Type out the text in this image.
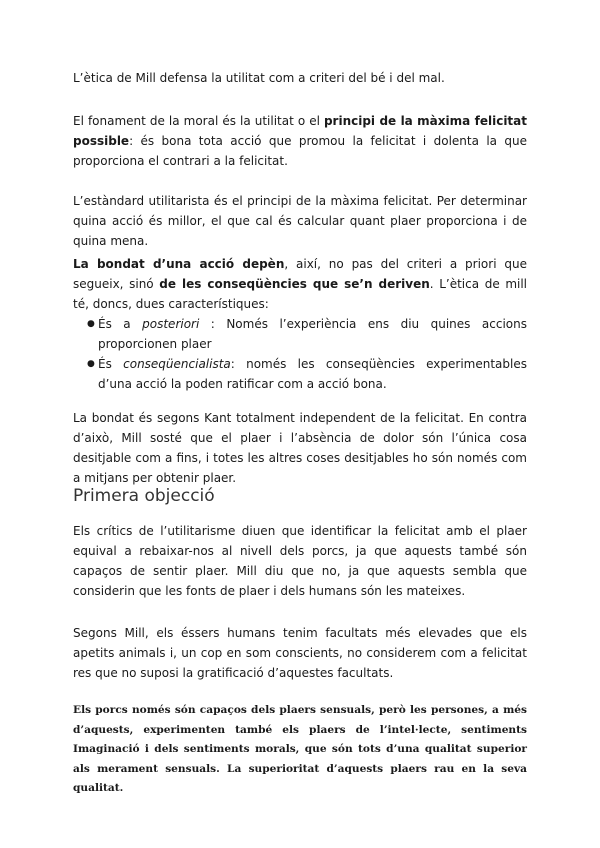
L’ètica de Mill defensa la utilitat com a criteri del bé i del mal.

El fonament de la moral és la utilitat o el principi de la màxima felicitat possible: és bona tota acció que promou la felicitat i dolenta la que proporciona el contrari a la felicitat.

L’estàndard utilitarista és el principi de la màxima felicitat. Per determinar quina acció és millor, el que cal és calcular quant plaer proporciona i de quina mena.

La bondat d’una acció depèn, així, no pas del criteri a priori que segueix, sinó de les conseqüències que se’n deriven. L’ètica de mill té, doncs, dues característiques:

● És a posteriori : Només l’experiència ens diu quines accions proporcionen plaer
● És conseqüencialista: només les conseqüències experimentables d’una acció la poden ratificar com a acció bona.

La bondat és segons Kant totalment independent de la felicitat. En contra d’això, Mill sosté que el plaer i l’absència de dolor són l’única cosa desitjable com a fins, i totes les altres coses desitjables ho són només com a mitjans per obtenir plaer.

Primera objecció

Els crítics de l’utilitarisme diuen que identificar la felicitat amb el plaer equival a rebaixar-nos al nivell dels porcs, ja que aquests també són capaços de sentir plaer. Mill diu que no, ja que aquests sembla que considerin que les fonts de plaer i dels humans són les mateixes.

Segons Mill, els éssers humans tenim facultats més elevades que els apetits animals i, un cop en som conscients, no considerem com a felicitat res que no suposi la gratificació d’aquestes facultats.

Els porcs només són capaços dels plaers sensuals, però les persones, a més d’aquests, experimenten també els plaers de l’intel·lecte, sentiments Imaginació i dels sentiments morals, que són tots d’una qualitat superior als merament sensuals. La superioritat d’aquests plaers rau en la seva qualitat.
